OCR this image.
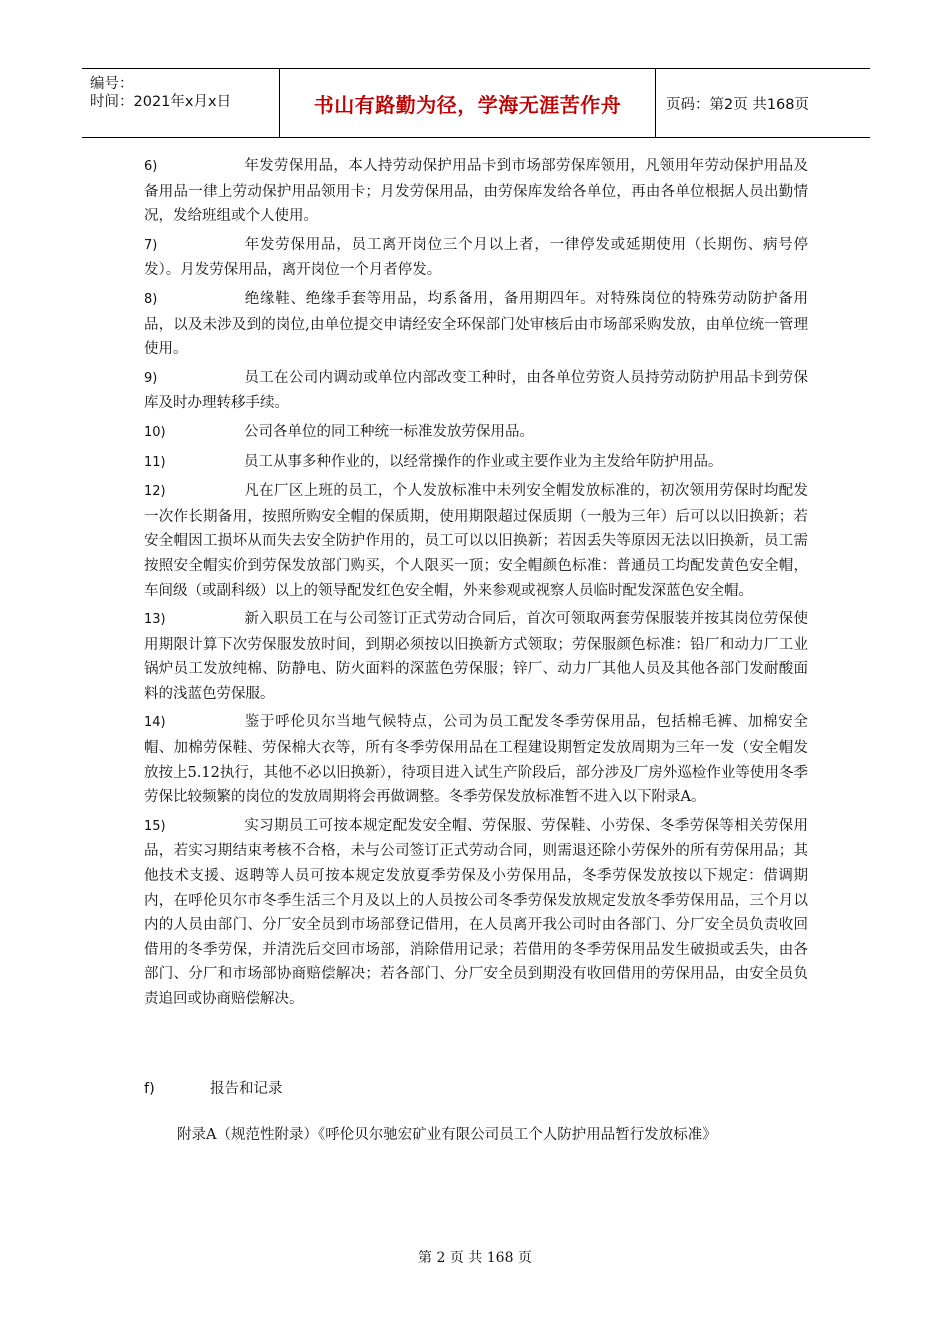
编号：
时间：2021年x月x日	书山有路勤为径，学海无涯苦作舟	页码：第2页 共168页
6)	年发劳保用品，本人持劳动保护用品卡到市场部劳保库领用，凡领用年劳动保护用品及备用品一律上劳动保护用品领用卡；月发劳保用品，由劳保库发给各单位，再由各单位根据人员出勤情况，发给班组或个人使用。
7)	年发劳保用品，员工离开岗位三个月以上者，一律停发或延期使用（长期伤、病号停发）。月发劳保用品，离开岗位一个月者停发。
8)	绝缘鞋、绝缘手套等用品，均系备用，备用期四年。对特殊岗位的特殊劳动防护备用品，以及未涉及到的岗位,由单位提交申请经安全环保部门处审核后由市场部采购发放，由单位统一管理使用。
9)	员工在公司内调动或单位内部改变工种时，由各单位劳资人员持劳动防护用品卡到劳保库及时办理转移手续。
10)	公司各单位的同工种统一标准发放劳保用品。
11)	员工从事多种作业的，以经常操作的作业或主要作业为主发给年防护用品。
12)	凡在厂区上班的员工，个人发放标准中未列安全帽发放标准的，初次领用劳保时均配发一次作长期备用，按照所购安全帽的保质期，使用期限超过保质期（一般为三年）后可以以旧换新；若安全帽因工损坏从而失去安全防护作用的，员工可以以旧换新；若因丢失等原因无法以旧换新，员工需按照安全帽实价到劳保发放部门购买，个人限买一顶；安全帽颜色标准：普通员工均配发黄色安全帽，车间级（或副科级）以上的领导配发红色安全帽，外来参观或视察人员临时配发深蓝色安全帽。
13)	新入职员工在与公司签订正式劳动合同后，首次可领取两套劳保服装并按其岗位劳保使用期限计算下次劳保服发放时间，到期必须按以旧换新方式领取；劳保服颜色标准：铅厂和动力厂工业锅炉员工发放纯棉、防静电、防火面料的深蓝色劳保服；锌厂、动力厂其他人员及其他各部门发耐酸面料的浅蓝色劳保服。
14)	鉴于呼伦贝尔当地气候特点，公司为员工配发冬季劳保用品，包括棉毛裤、加棉安全帽、加棉劳保鞋、劳保棉大衣等，所有冬季劳保用品在工程建设期暂定发放周期为三年一发（安全帽发放按上5.12执行，其他不必以旧换新），待项目进入试生产阶段后，部分涉及厂房外巡检作业等使用冬季劳保比较频繁的岗位的发放周期将会再做调整。冬季劳保发放标准暂不进入以下附录A。
15)	实习期员工可按本规定配发安全帽、劳保服、劳保鞋、小劳保、冬季劳保等相关劳保用品，若实习期结束考核不合格，未与公司签订正式劳动合同，则需退还除小劳保外的所有劳保用品；其他技术支援、返聘等人员可按本规定发放夏季劳保及小劳保用品，冬季劳保发放按以下规定：借调期内，在呼伦贝尔市冬季生活三个月及以上的人员按公司冬季劳保发放规定发放冬季劳保用品，三个月以内的人员由部门、分厂安全员到市场部登记借用，在人员离开我公司时由各部门、分厂安全员负责收回借用的冬季劳保，并清洗后交回市场部，消除借用记录；若借用的冬季劳保用品发生破损或丢失，由各部门、分厂和市场部协商赔偿解决；若各部门、分厂安全员到期没有收回借用的劳保用品，由安全员负责追回或协商赔偿解决。
f)	报告和记录
附录A（规范性附录）《呼伦贝尔驰宏矿业有限公司员工个人防护用品暂行发放标准》
第 2 页 共 168 页
